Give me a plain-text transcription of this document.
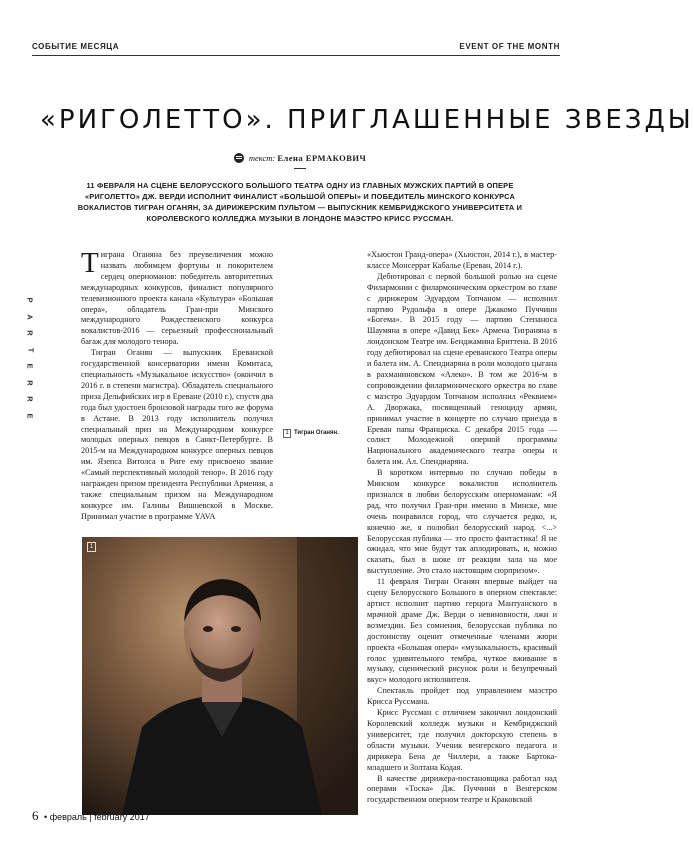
СОБЫТИЕ МЕСЯЦА	EVENT OF THE MONTH
«РИГОЛЕТТО». ПРИГЛАШЕННЫЕ ЗВЕЗДЫ
текст: Елена ЕРМАКОВИЧ
11 ФЕВРАЛЯ НА СЦЕНЕ БЕЛОРУССКОГО БОЛЬШОГО ТЕАТРА ОДНУ ИЗ ГЛАВНЫХ МУЖСКИХ ПАРТИЙ В ОПЕРЕ «РИГОЛЕТТО» ДЖ. ВЕРДИ ИСПОЛНИТ ФИНАЛИСТ «БОЛЬШОЙ ОПЕРЫ» И ПОБЕДИТЕЛЬ МИНСКОГО КОНКУРСА ВОКАЛИСТОВ ТИГРАН ОГАНЯН, ЗА ДИРИЖЕРСКИМ ПУЛЬТОМ — ВЫПУСКНИК КЕМБРИДЖСКОГО УНИВЕРСИТЕТА И КОРОЛЕВСКОГО КОЛЛЕДЖА МУЗЫКИ В ЛОНДОНЕ МАЭСТРО КРИСС РУССМАН.
P
A
R
T
E
R
R
E

Тиграна Оганяна без преувеличения можно назвать любимцем фортуны и покорителем сердец оперноманов: победитель авторитетных международных конкурсов, финалист популярного телевизионного проекта канала «Культура» «Большая опера», обладатель Гран-при Минского международного Рождественского конкурса вокалистов-2016 — серьезный профессиональный багаж для молодого тенора.

Тигран Оганян — выпускник Ереванской государственной консерватории имени Комитаса, специальность «Музыкальное искусство» (окончил в 2016 г. в степени магистра). Обладатель специального приза Дельфийских игр в Ереване (2010 г.), спустя два года был удостоен бронзовой награды того же форума в Астане. В 2013 году исполнитель получил специальный приз на Международном конкурсе молодых оперных певцов в Санкт-Петербурге. В 2015-м на Международном конкурсе оперных певцов им. Язепса Витолса в Риге ему присвоено звание «Самый перспективный молодой тенор». В 2016 году награжден призом президента Республики Армения, а также специальным призом на Международном конкурсе им. Галины Вишневской в Москве. Принимал участие в программе YAVA

1 Тигран Оганян.
1

«Хьюстон Гранд-опера» (Хьюстон, 2014 г.), в мастер-классе Монсеррат Кабалье (Ереван, 2014 г.).

Дебютировал с первой большой ролью на сцене Филармонии с филармоническим оркестром во главе с дирижером Эдуардом Топчаном — исполнил партию Рудольфа в опере Джакомо Пуччини «Богема». В 2015 году — партию Степаноса Шаумяна в опере «Давид Бек» Армена Тиграняна в лондонском Театре им. Бенджамина Бриттена. В 2016 году дебютировал на сцене ереванского Театра оперы и балета им. А. Спендиаряна в роли молодого цыгана в рахманиновском «Алеко». В том же 2016-м в сопровождении филармонического оркестра во главе с маэстро Эдуардом Топчаном исполнил «Реквием» А. Дворжака, посвященный геноциду армян, принимал участие в концерте по случаю приезда в Ереван папы Франциска. С декабря 2015 года — солист Молодежной оперной программы Национального академического театра оперы и балета им. Ал. Спендиаряна.

В коротком интервью по случаю победы в Минском конкурсе вокалистов исполнитель признался в любви белорусским оперноманам: «Я рад, что получил Гран-при именно в Минске, мне очень понравился город, что случается редко, и, конечно же, я полюбил белорусский народ. <...> Белорусская публика — это просто фантастика! Я не ожидал, что мне будут так аплодировать, и, можно сказать, был в шоке от реакции зала на мое выступление. Это стало настоящим сюрпризом».

11 февраля Тигран Оганян впервые выйдет на сцену Белорусского Большого в оперном спектакле: артист исполнит партию герцога Мантуанского в мрачной драме Дж. Верди о невиновности, лжи и возмездии. Без сомнения, белорусская публика по достоинству оценит отмеченные членами жюри проекта «Большая опера» «музыкальность, красивый голос удивительного тембра, чуткое вживание в музыку, сценический рисунок роли и безупречный вкус» молодого исполнителя.

Спектакль пройдет под управлением маэстро Крисса Руссмана.

Крисс Руссман с отличием закончил лондонский Королевский колледж музыки и Кембриджский университет, где получил докторскую степень в области музыки. Ученик венгерского педагога и дирижера Бена де Чиллери, а также Бартока-младшего и Золтана Кодая.

В качестве дирижера-постановщика работал над операми «Тоска» Дж. Пуччини в Венгерском государственном оперном театре и Краковской

6 • февраль | february 2017
